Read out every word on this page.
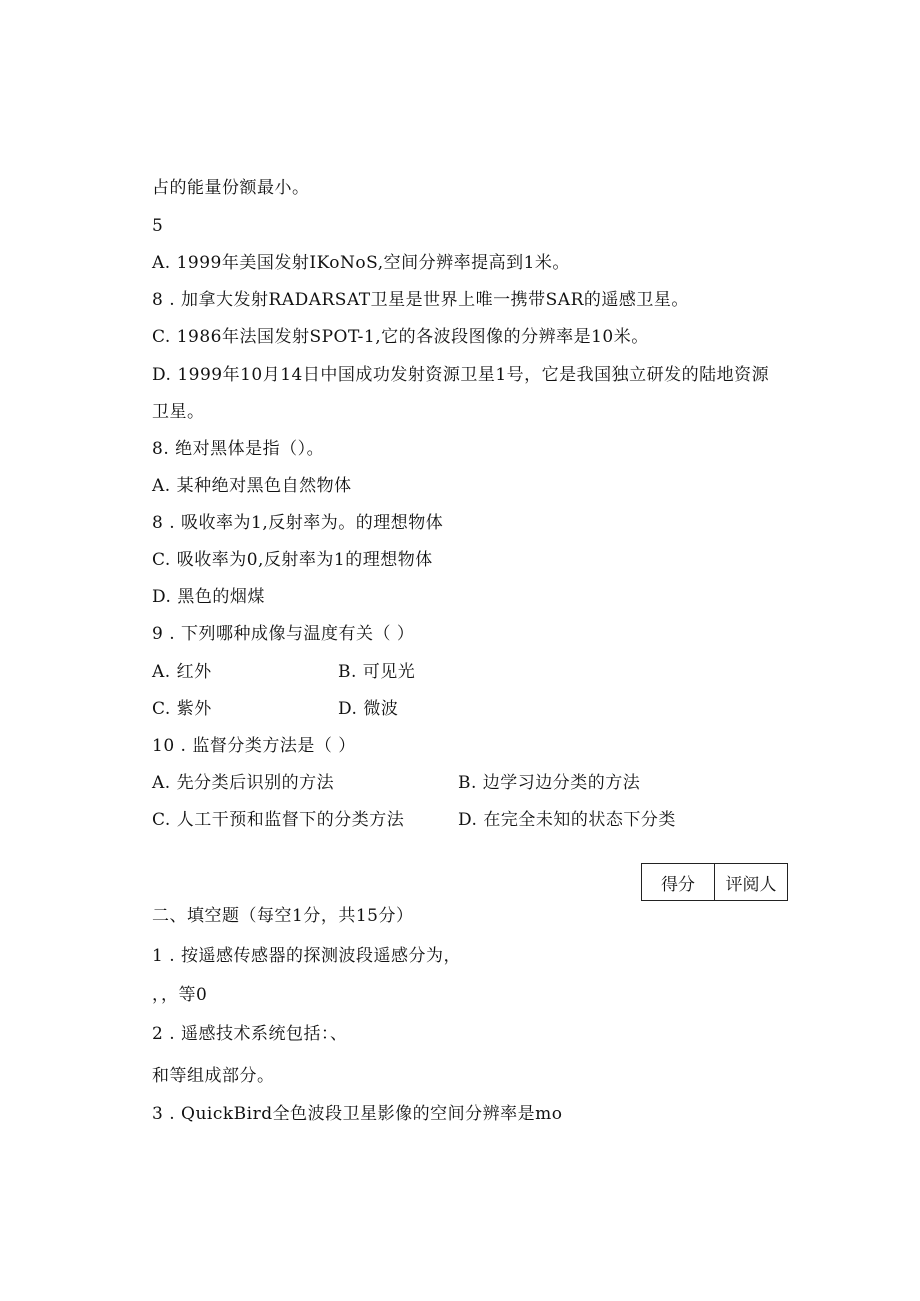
占的能量份额最小。
5
A. 1999年美国发射IKoNoS,空间分辨率提高到1米。
8 . 加拿大发射RADARSAT卫星是世界上唯一携带SAR的遥感卫星。
C. 1986年法国发射SPOT-1,它的各波段图像的分辨率是10米。
D. 1999年10月14日中国成功发射资源卫星1号，它是我国独立研发的陆地资源
卫星。
8. 绝对黑体是指（）。
A. 某种绝对黑色自然物体
8 . 吸收率为1,反射率为。的理想物体
C. 吸收率为0,反射率为1的理想物体
D. 黑色的烟煤
9 . 下列哪种成像与温度有关（ ）
A. 红外	B. 可见光
C. 紫外	D. 微波
10 . 监督分类方法是（ ）
A. 先分类后识别的方法	B. 边学习边分类的方法
C. 人工干预和监督下的分类方法	D. 在完全未知的状态下分类
得分	评阅人
二、填空题（每空1分，共15分）
1 . 按遥感传感器的探测波段遥感分为，
，，等0
2 . 遥感技术系统包括：、
和等组成部分。
3 . QuickBird全色波段卫星影像的空间分辨率是mo
